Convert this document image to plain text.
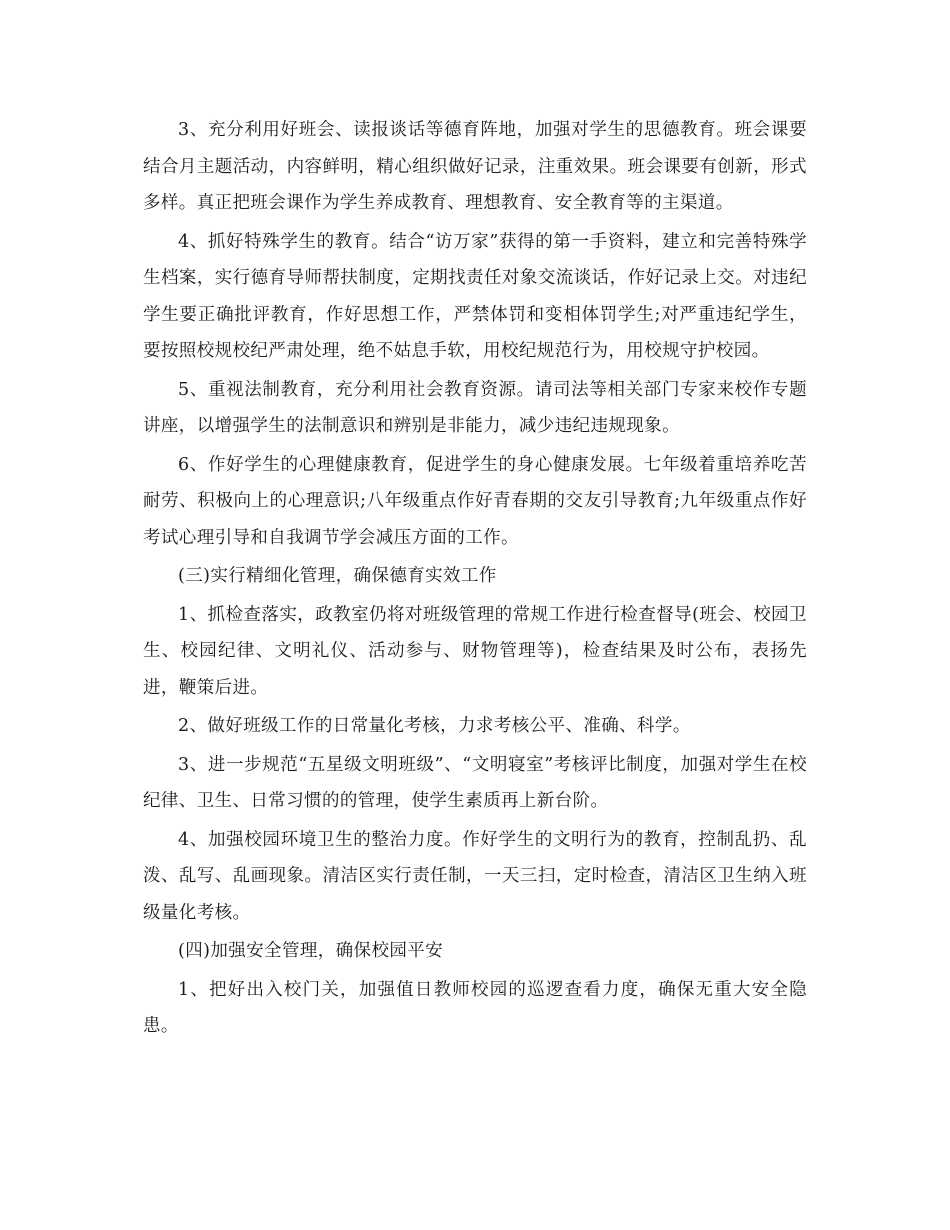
3、充分利用好班会、读报谈话等德育阵地，加强对学生的思德教育。班会课要结合月主题活动，内容鲜明，精心组织做好记录，注重效果。班会课要有创新，形式多样。真正把班会课作为学生养成教育、理想教育、安全教育等的主渠道。

4、抓好特殊学生的教育。结合“访万家”获得的第一手资料，建立和完善特殊学生档案，实行德育导师帮扶制度，定期找责任对象交流谈话，作好记录上交。对违纪学生要正确批评教育，作好思想工作，严禁体罚和变相体罚学生;对严重违纪学生，要按照校规校纪严肃处理，绝不姑息手软，用校纪规范行为，用校规守护校园。

5、重视法制教育，充分利用社会教育资源。请司法等相关部门专家来校作专题讲座，以增强学生的法制意识和辨别是非能力，减少违纪违规现象。

6、作好学生的心理健康教育，促进学生的身心健康发展。七年级着重培养吃苦耐劳、积极向上的心理意识;八年级重点作好青春期的交友引导教育;九年级重点作好考试心理引导和自我调节学会减压方面的工作。

(三)实行精细化管理，确保德育实效工作

1、抓检查落实，政教室仍将对班级管理的常规工作进行检查督导(班会、校园卫生、校园纪律、文明礼仪、活动参与、财物管理等)，检查结果及时公布，表扬先进，鞭策后进。

2、做好班级工作的日常量化考核，力求考核公平、准确、科学。

3、进一步规范“五星级文明班级”、“文明寝室”考核评比制度，加强对学生在校纪律、卫生、日常习惯的的管理，使学生素质再上新台阶。

4、加强校园环境卫生的整治力度。作好学生的文明行为的教育，控制乱扔、乱泼、乱写、乱画现象。清洁区实行责任制，一天三扫，定时检查，清洁区卫生纳入班级量化考核。

(四)加强安全管理，确保校园平安

1、把好出入校门关，加强值日教师校园的巡逻查看力度，确保无重大安全隐患。
